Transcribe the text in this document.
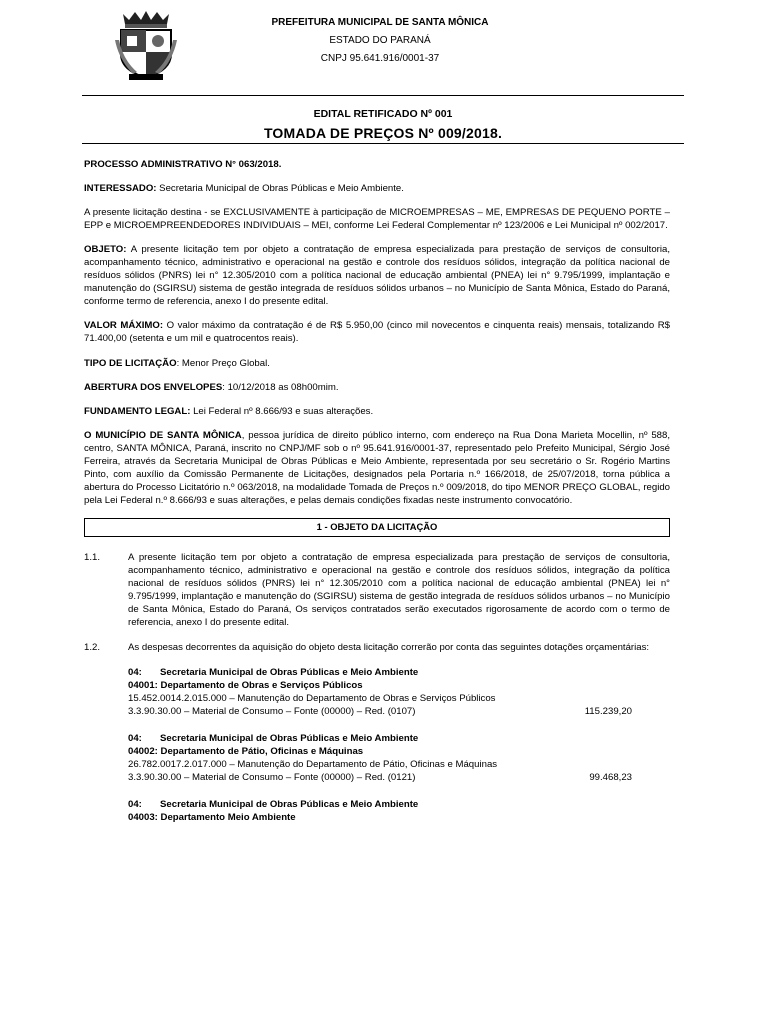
PREFEITURA MUNICIPAL DE SANTA MÔNICA
ESTADO DO PARANÁ
CNPJ 95.641.916/0001-37
EDITAL RETIFICADO Nº 001
TOMADA DE PREÇOS Nº 009/2018.

PROCESSO ADMINISTRATIVO N° 063/2018.

INTERESSADO: Secretaria Municipal de Obras Públicas e Meio Ambiente.

A presente licitação destina - se EXCLUSIVAMENTE à participação de MICROEMPRESAS – ME, EMPRESAS DE PEQUENO PORTE – EPP e MICROEMPREENDEDORES INDIVIDUAIS – MEI, conforme Lei Federal Complementar nº 123/2006 e Lei Municipal nº 002/2017.

OBJETO: A presente licitação tem por objeto a contratação de empresa especializada para prestação de serviços de consultoria, acompanhamento técnico, administrativo e operacional na gestão e controle dos resíduos sólidos, integração da política nacional de resíduos sólidos (PNRS) lei n° 12.305/2010 com a política nacional de educação ambiental (PNEA) lei n° 9.795/1999, implantação e manutenção do (SGIRSU) sistema de gestão integrada de resíduos sólidos urbanos – no Município de Santa Mônica, Estado do Paraná, conforme termo de referencia, anexo I do presente edital.

VALOR MÁXIMO: O valor máximo da contratação é de R$ 5.950,00 (cinco mil novecentos e cinquenta reais) mensais, totalizando R$ 71.400,00 (setenta e um mil e quatrocentos reais).

TIPO DE LICITAÇÃO: Menor Preço Global.

ABERTURA DOS ENVELOPES: 10/12/2018 as 08h00mim.

FUNDAMENTO LEGAL: Lei Federal nº 8.666/93 e suas alterações.

O MUNICÍPIO DE SANTA MÔNICA, pessoa jurídica de direito público interno, com endereço na Rua Dona Marieta Mocellin, nº 588, centro, SANTA MÔNICA, Paraná, inscrito no CNPJ/MF sob o nº 95.641.916/0001-37, representado pelo Prefeito Municipal, Sérgio José Ferreira, através da Secretaria Municipal de Obras Públicas e Meio Ambiente, representada por seu secretário o Sr. Rogério Martins Pinto, com auxílio da Comissão Permanente de Licitações, designados pela Portaria n.º 166/2018, de 25/07/2018, torna pública a abertura do Processo Licitatório n.º 063/2018, na modalidade Tomada de Preços n.º 009/2018, do tipo MENOR PREÇO GLOBAL, regido pela Lei Federal n.º 8.666/93 e suas alterações, e pelas demais condições fixadas neste instrumento convocatório.

1 - OBJETO DA LICITAÇÃO
1.1.	A presente licitação tem por objeto a contratação de empresa especializada para prestação de serviços de consultoria, acompanhamento técnico, administrativo e operacional na gestão e controle dos resíduos sólidos, integração da política nacional de resíduos sólidos (PNRS) lei n° 12.305/2010 com a política nacional de educação ambiental (PNEA) lei n° 9.795/1999, implantação e manutenção do (SGIRSU) sistema de gestão integrada de resíduos sólidos urbanos – no Município de Santa Mônica, Estado do Paraná, Os serviços contratados serão executados rigorosamente de acordo com o termo de referencia, anexo I do presente edital.
1.2.	As despesas decorrentes da aquisição do objeto desta licitação correrão por conta das seguintes dotações orçamentárias:
04:	Secretaria Municipal de Obras Públicas e Meio Ambiente
04001: Departamento de Obras e Serviços Públicos
15.452.0014.2.015.000 – Manutenção do Departamento de Obras e Serviços Públicos
3.3.90.30.00 – Material de Consumo – Fonte (00000) – Red. (0107)	115.239,20
04:	Secretaria Municipal de Obras Públicas e Meio Ambiente
04002: Departamento de Pátio, Oficinas e Máquinas
26.782.0017.2.017.000 – Manutenção do Departamento de Pátio, Oficinas e Máquinas
3.3.90.30.00 – Material de Consumo – Fonte (00000) – Red. (0121)	99.468,23
04:	Secretaria Municipal de Obras Públicas e Meio Ambiente
04003: Departamento Meio Ambiente
